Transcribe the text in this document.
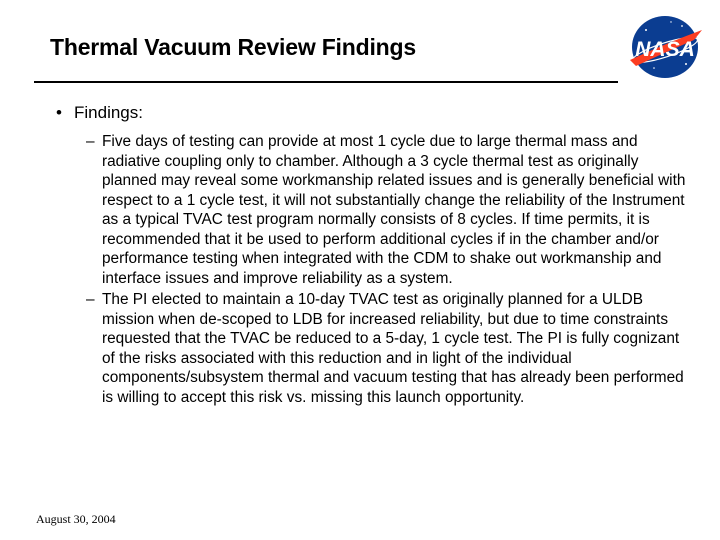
Thermal Vacuum Review Findings	NASA
• Findings:
– Five days of testing can provide at most 1 cycle due to large thermal mass and radiative coupling only to chamber. Although a 3 cycle thermal test as originally planned may reveal some workmanship related issues and is generally beneficial with respect to a 1 cycle test, it will not substantially change the reliability of the Instrument as a typical TVAC test program normally consists of 8 cycles. If time permits, it is recommended that it be used to perform additional cycles if in the chamber and/or performance testing when integrated with the CDM to shake out workmanship and interface issues and improve reliability as a system.
– The PI elected to maintain a 10-day TVAC test as originally planned for a ULDB mission when de-scoped to LDB for increased reliability, but due to time constraints requested that the TVAC be reduced to a 5-day, 1 cycle test. The PI is fully cognizant of the risks associated with this reduction and in light of the individual components/subsystem thermal and vacuum testing that has already been performed is willing to accept this risk vs. missing this launch opportunity.
August 30, 2004
